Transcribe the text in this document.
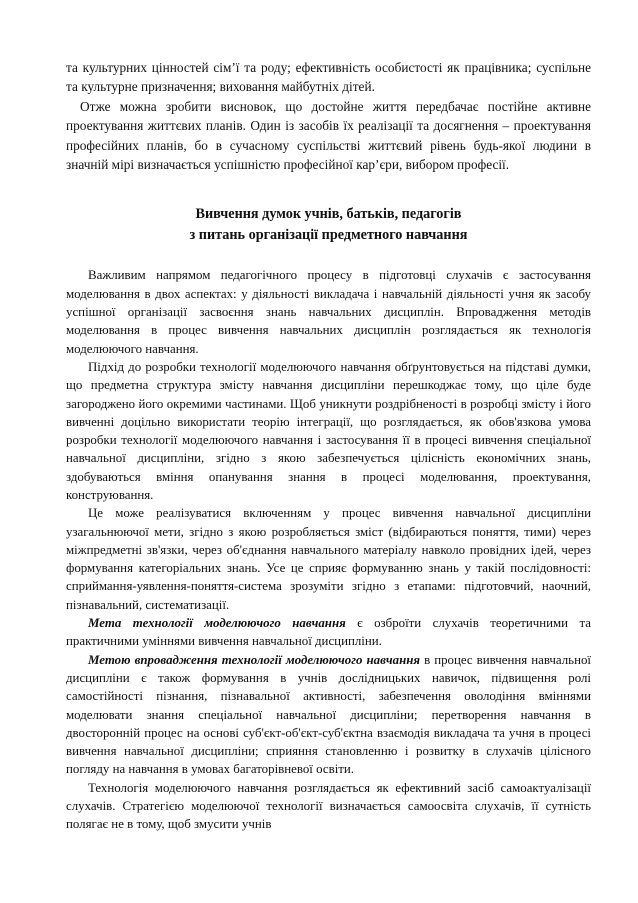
та культурних цінностей сім’ї та роду; ефективність особистості як працівника; суспільне та культурне призначення; виховання майбутніх дітей.

Отже можна зробити висновок, що достойне життя передбачає постійне активне проектування життєвих планів. Один із засобів їх реалізації та досягнення – проектування професійних планів, бо в сучасному суспільстві життєвий рівень будь-якої людини в значній мірі визначається успішністю професійної кар’єри, вибором професії.

Вивчення думок учнів, батьків, педагогів
з питань організації предметного навчання

Важливим напрямом педагогічного процесу в підготовці слухачів є застосування моделювання в двох аспектах: у діяльності викладача і навчальній діяльності учня як засобу успішної організації засвоєння знань навчальних дисциплін. Впровадження методів моделювання в процес вивчення навчальних дисциплін розглядається як технологія моделюючого навчання.

Підхід до розробки технології моделюючого навчання обґрунтовується на підставі думки, що предметна структура змісту навчання дисципліни перешкоджає тому, що ціле буде загороджено його окремими частинами. Щоб уникнути роздрібненості в розробці змісту і його вивченні доцільно використати теорію інтеграції, що розглядається, як обов'язкова умова розробки технології моделюючого навчання і застосування її в процесі вивчення спеціальної навчальної дисципліни, згідно з якою забезпечується цілісність економічних знань, здобуваються вміння опанування знання в процесі моделювання, проектування, конструювання.

Це може реалізуватися включенням у процес вивчення навчальної дисципліни узагальнюючої мети, згідно з якою розробляється зміст (відбираються поняття, тими) через міжпредметні зв'язки, через об'єднання навчального матеріалу навколо провідних ідей, через формування категоріальних знань. Усе це сприяє формуванню знань у такій послідовності: сприймання-уявлення-поняття-система зрозуміти згідно з етапами: підготовчий, наочний, пізнавальний, систематизації.

Мета технології моделюючого навчання є озброїти слухачів теоретичними та практичними уміннями вивчення навчальної дисципліни.

Метою впровадження технології моделюючого навчання в процес вивчення навчальної дисципліни є також формування в учнів дослідницьких навичок, підвищення ролі самостійності пізнання, пізнавальної активності, забезпечення оволодіння вміннями моделювати знання спеціальної навчальної дисципліни; перетворення навчання в двосторонній процес на основі суб'єкт-об'єкт-суб'єктна взаємодія викладача та учня в процесі вивчення навчальної дисципліни; сприяння становленню і розвитку в слухачів цілісного погляду на навчання в умовах багаторівневої освіти.

Технологія моделюючого навчання розглядається як ефективний засіб самоактуалізації слухачів. Стратегією моделюючої технології визначається самоосвіта слухачів, її сутність полягає не в тому, щоб змусити учнів
